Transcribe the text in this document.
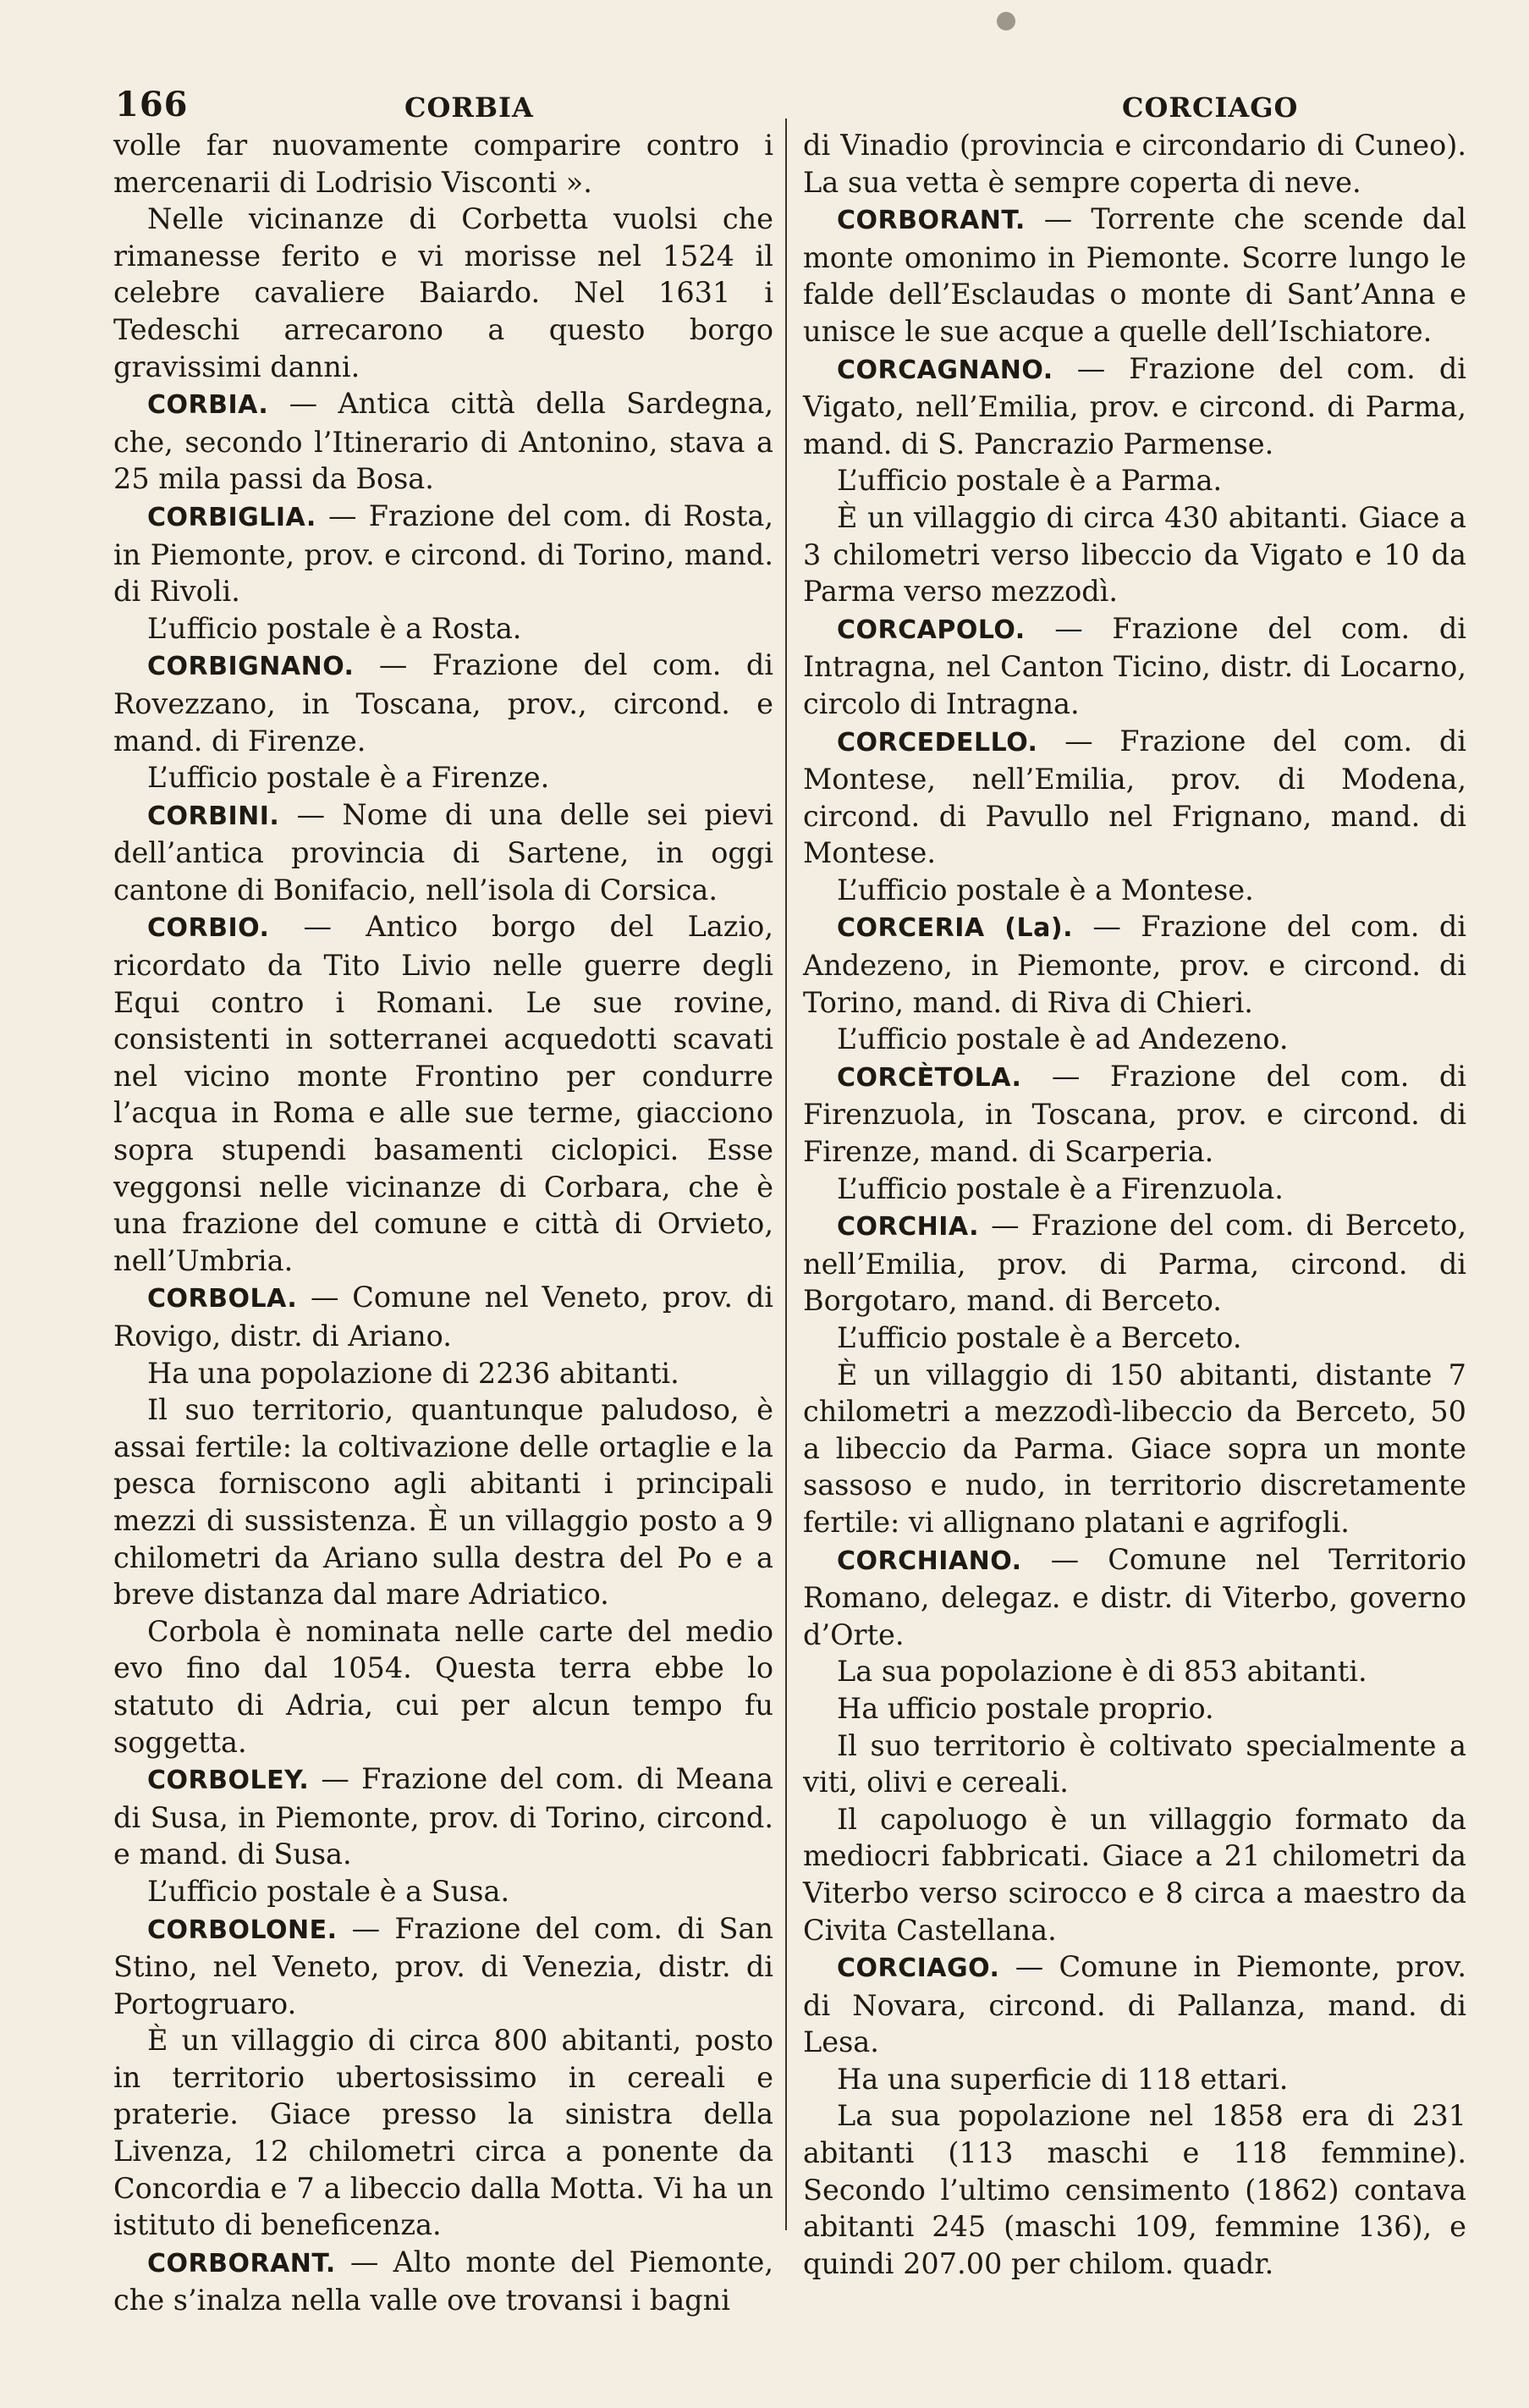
166	CORBIA	CORCIAGO

volle far nuovamente comparire contro i mercenarii di Lodrisio Visconti ».

Nelle vicinanze di Corbetta vuolsi che rimanesse ferito e vi morisse nel 1524 il celebre cavaliere Baiardo. Nel 1631 i Tedeschi arrecarono a questo borgo gravissimi danni.

CORBIA. — Antica città della Sardegna, che, secondo l’Itinerario di Antonino, stava a 25 mila passi da Bosa.

CORBIGLIA. — Frazione del com. di Rosta, in Piemonte, prov. e circond. di Torino, mand. di Rivoli.

L’ufficio postale è a Rosta.

CORBIGNANO. — Frazione del com. di Rovezzano, in Toscana, prov., circond. e mand. di Firenze.

L’ufficio postale è a Firenze.

CORBINI. — Nome di una delle sei pievi dell’antica provincia di Sartene, in oggi cantone di Bonifacio, nell’isola di Corsica.

CORBIO. — Antico borgo del Lazio, ricordato da Tito Livio nelle guerre degli Equi contro i Romani. Le sue rovine, consistenti in sotterranei acquedotti scavati nel vicino monte Frontino per condurre l’acqua in Roma e alle sue terme, giacciono sopra stupendi basamenti ciclopici. Esse veggonsi nelle vicinanze di Corbara, che è una frazione del comune e città di Orvieto, nell’Umbria.

CORBOLA. — Comune nel Veneto, prov. di Rovigo, distr. di Ariano.

Ha una popolazione di 2236 abitanti.

Il suo territorio, quantunque paludoso, è assai fertile: la coltivazione delle ortaglie e la pesca forniscono agli abitanti i principali mezzi di sussistenza. È un villaggio posto a 9 chilometri da Ariano sulla destra del Po e a breve distanza dal mare Adriatico.

Corbola è nominata nelle carte del medio evo fino dal 1054. Questa terra ebbe lo statuto di Adria, cui per alcun tempo fu soggetta.

CORBOLEY. — Frazione del com. di Meana di Susa, in Piemonte, prov. di Torino, circond. e mand. di Susa.

L’ufficio postale è a Susa.

CORBOLONE. — Frazione del com. di San Stino, nel Veneto, prov. di Venezia, distr. di Portogruaro.

È un villaggio di circa 800 abitanti, posto in territorio ubertosissimo in cereali e praterie. Giace presso la sinistra della Livenza, 12 chilometri circa a ponente da Concordia e 7 a libeccio dalla Motta. Vi ha un istituto di beneficenza.

CORBORANT. — Alto monte del Piemonte, che s’inalza nella valle ove trovansi i bagni

di Vinadio (provincia e circondario di Cuneo). La sua vetta è sempre coperta di neve.

CORBORANT. — Torrente che scende dal monte omonimo in Piemonte. Scorre lungo le falde dell’Esclaudas o monte di Sant’Anna e unisce le sue acque a quelle dell’Ischiatore.

CORCAGNANO. — Frazione del com. di Vigato, nell’Emilia, prov. e circond. di Parma, mand. di S. Pancrazio Parmense.

L’ufficio postale è a Parma.

È un villaggio di circa 430 abitanti. Giace a 3 chilometri verso libeccio da Vigato e 10 da Parma verso mezzodì.

CORCAPOLO. — Frazione del com. di Intragna, nel Canton Ticino, distr. di Locarno, circolo di Intragna.

CORCEDELLO. — Frazione del com. di Montese, nell’Emilia, prov. di Modena, circond. di Pavullo nel Frignano, mand. di Montese.

L’ufficio postale è a Montese.

CORCERIA (La). — Frazione del com. di Andezeno, in Piemonte, prov. e circond. di Torino, mand. di Riva di Chieri.

L’ufficio postale è ad Andezeno.

CORCÈTOLA. — Frazione del com. di Firenzuola, in Toscana, prov. e circond. di Firenze, mand. di Scarperia.

L’ufficio postale è a Firenzuola.

CORCHIA. — Frazione del com. di Berceto, nell’Emilia, prov. di Parma, circond. di Borgotaro, mand. di Berceto.

L’ufficio postale è a Berceto.

È un villaggio di 150 abitanti, distante 7 chilometri a mezzodì-libeccio da Berceto, 50 a libeccio da Parma. Giace sopra un monte sassoso e nudo, in territorio discretamente fertile: vi allignano platani e agrifogli.

CORCHIANO. — Comune nel Territorio Romano, delegaz. e distr. di Viterbo, governo d’Orte.

La sua popolazione è di 853 abitanti.

Ha ufficio postale proprio.

Il suo territorio è coltivato specialmente a viti, olivi e cereali.

Il capoluogo è un villaggio formato da mediocri fabbricati. Giace a 21 chilometri da Viterbo verso scirocco e 8 circa a maestro da Civita Castellana.

CORCIAGO. — Comune in Piemonte, prov. di Novara, circond. di Pallanza, mand. di Lesa.

Ha una superficie di 118 ettari.

La sua popolazione nel 1858 era di 231 abitanti (113 maschi e 118 femmine). Secondo l’ultimo censimento (1862) contava abitanti 245 (maschi 109, femmine 136), e quindi 207.00 per chilom. quadr.
